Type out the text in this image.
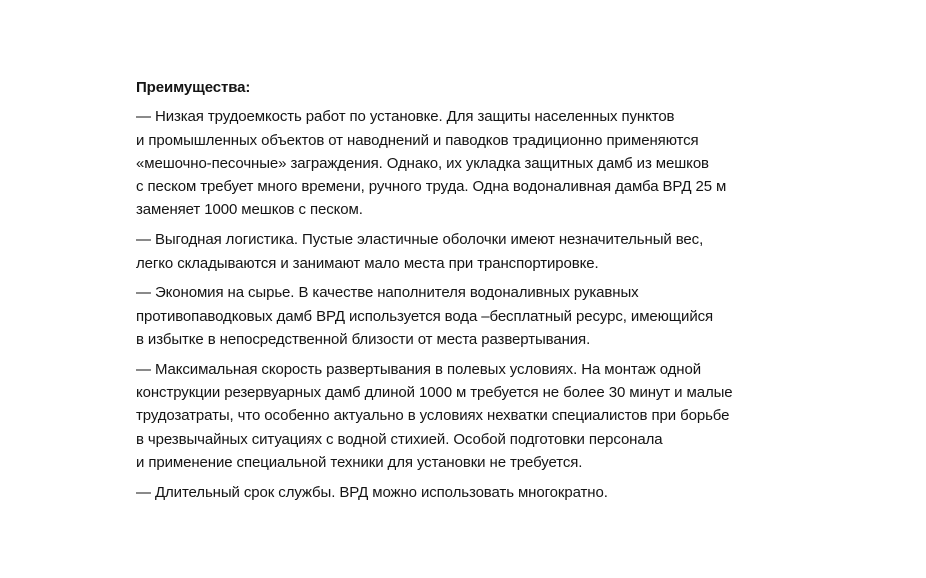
Преимущества:

— Низкая трудоемкость работ по установке. Для защиты населенных пунктов
и промышленных объектов от наводнений и паводков традиционно применяются
«мешочно-песочные» заграждения. Однако, их укладка защитных дамб из мешков
с песком требует много времени, ручного труда. Одна водоналивная дамба ВРД 25 м
заменяет 1000 мешков с песком.

— Выгодная логистика. Пустые эластичные оболочки имеют незначительный вес,
легко складываются и занимают мало места при транспортировке.

— Экономия на сырье. В качестве наполнителя водоналивных рукавных
противопаводковых дамб ВРД используется вода –бесплатный ресурс, имеющийся
в избытке в непосредственной близости от места развертывания.

— Максимальная скорость развертывания в полевых условиях. На монтаж одной
конструкции резервуарных дамб длиной 1000 м требуется не более 30 минут и малые
трудозатраты, что особенно актуально в условиях нехватки специалистов при борьбе
в чрезвычайных ситуациях с водной стихией. Особой подготовки персонала
и применение специальной техники для установки не требуется.

— Длительный срок службы. ВРД можно использовать многократно.
